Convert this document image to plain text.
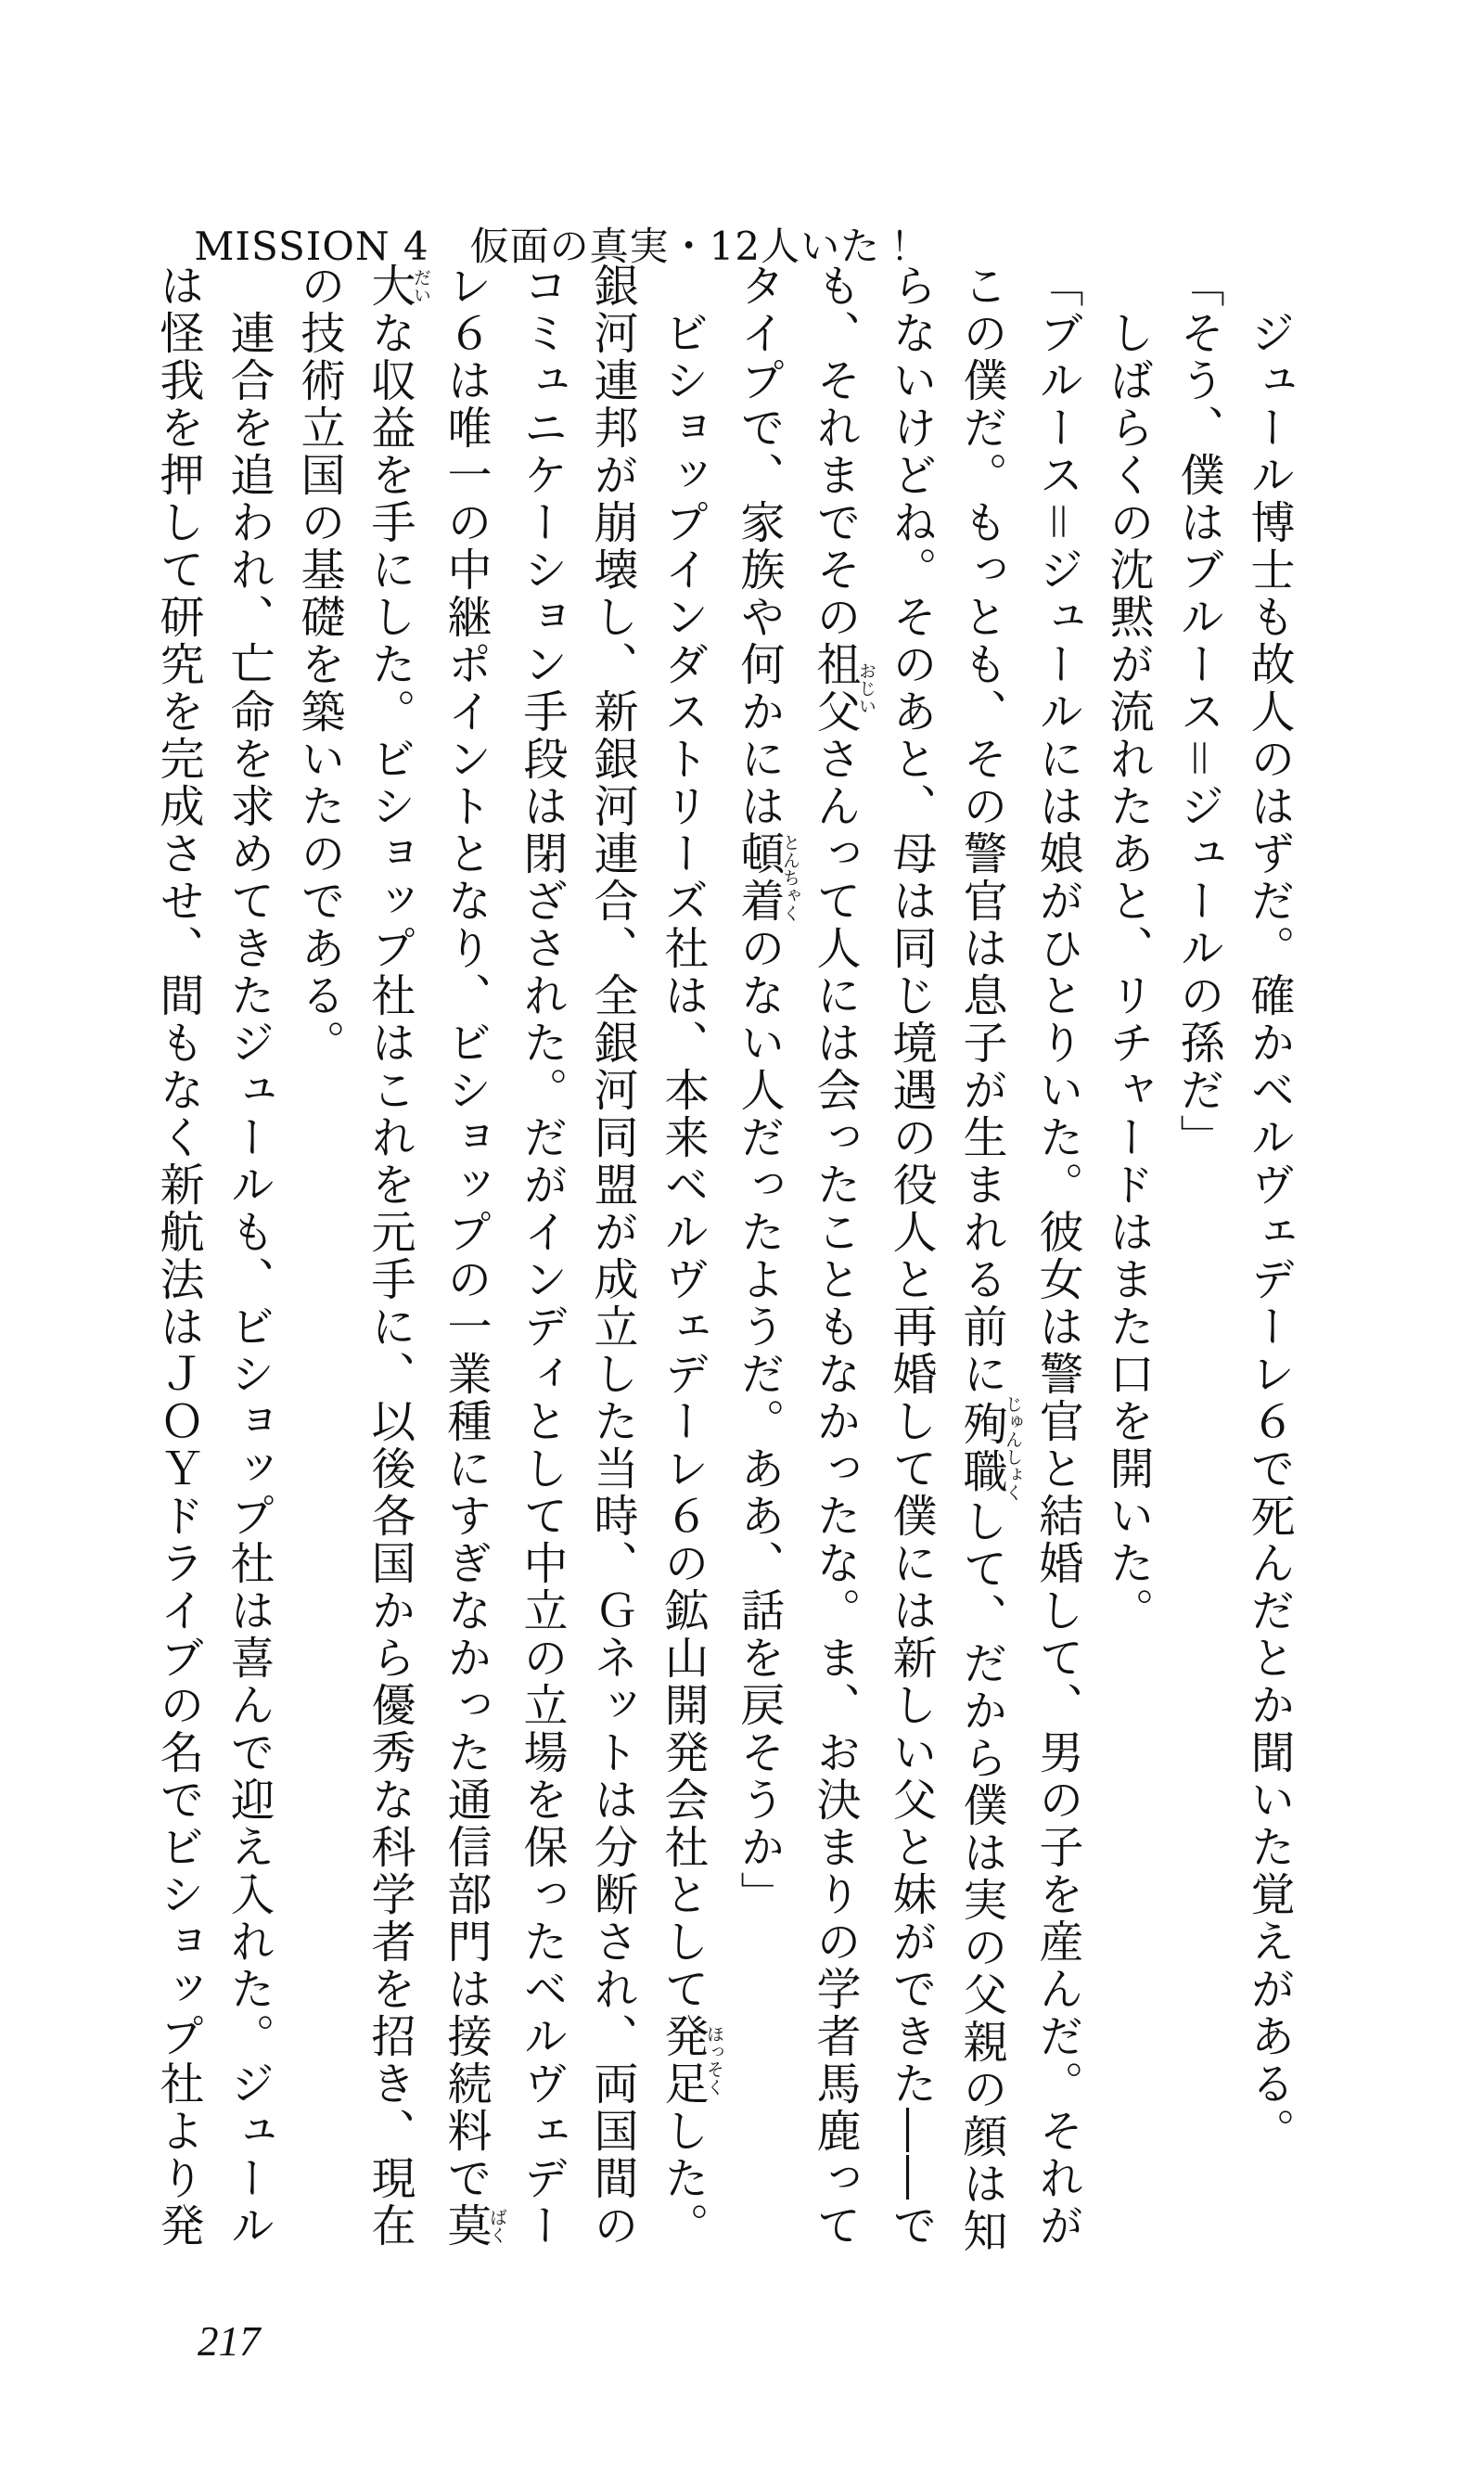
MISSION 4 仮面の真実・12人いた！

ジュール博士も故人のはずだ。確かベルヴェデーレ６で死んだとか聞いた覚えがある。

「そう、僕はブルース＝ジュールの孫だ」

しばらくの沈黙が流れたあと、リチャードはまた口を開いた。

「ブルース＝ジュールには娘がひとりいた。彼女は警官と結婚して、男の子を産んだ。それが

この僕だ。もっとも、その警官は息子が生まれる前に殉職じゅんしょくして、だから僕は実の父親の顔は知

らないけどね。そのあと、母は同じ境遇の役人と再婚して僕には新しい父と妹ができた――で

も、それまでその祖父おじいさんって人には会ったこともなかったな。ま、お決まりの学者馬鹿って

タイプで、家族や何かには頓着とんちゃくのない人だったようだ。ああ、話を戻そうか」

ビショップインダストリーズ社は、本来ベルヴェデーレ６の鉱山開発会社として発足ほっそくした。

銀河連邦が崩壊し、新銀河連合、全銀河同盟が成立した当時、Ｇネットは分断され、両国間の

コミュニケーション手段は閉ざされた。だがインディとして中立の立場を保ったベルヴェデー

レ６は唯一の中継ポイントとなり、ビショップの一業種にすぎなかった通信部門は接続料で莫ばく

大だいな収益を手にした。ビショップ社はこれを元手に、以後各国から優秀な科学者を招き、現在

の技術立国の基礎を築いたのである。

連合を追われ、亡命を求めてきたジュールも、ビショップ社は喜んで迎え入れた。ジュール

は怪我を押して研究を完成させ、間もなく新航法はＪＯＹドライブの名でビショップ社より発

217
